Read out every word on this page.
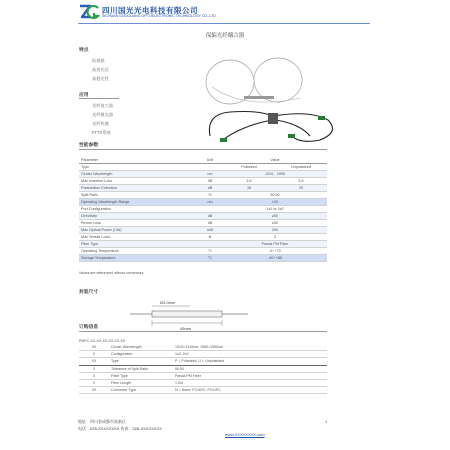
四川国光光电科技有限公司
SICHUAN GUOGUANG OPTOELECTRONIC TECHNOLOGY CO.,LTD
保偏光纤耦合器
特点
低插损
高消光比
高稳定性
应用
光纤放大器
光纤激光器
光纤传感
FTTX系统
性能参数
Parameter	Unit	Value	
Type		Polarized	Unpolarized
Center Wavelength	nm	1310、1550	
Max Insertion Loss	dB	3.6	3.6
Polarization Extinction	dB	18	20
Split Ratio	%	50:50	
Operating Wavelength Range	nm	±20	
Port Configuration		1x2 or 2x2	
Directivity	dB	≥50	
Return Loss	dB	≥50	
Max Optical Power (CW)	mW	300	
Max Tensile Load	N	5	
Fiber Type		Panda PM Fiber	
Operating Temperature	°C	-5~+70	
Storage Temperature	°C	-40~+85	
Values are referenced without connectors.
封装尺寸
Ø3.0mm
45mm
订购信息
PMFC-XX-XX-XX-XX-XX-XX
XX	Center Wavelength	1310=1310nm; 1550=1550nm
X	Configuration	1x2; 2x2
XX	Type	P = Polarized; U = Unpolarized
X	Tolerance of Split Ratio	50:50
X	Fiber Type	Panda PM Fiber
X	Fiber Length	1.0m
XX	Connector Type	N = None; FC/APC; FC/UPC
地址：四川省成都市高新区
电话：028-XXXXXXXX 传真：028-XXXXXXXX
www.XXXXXXXX.com
1
